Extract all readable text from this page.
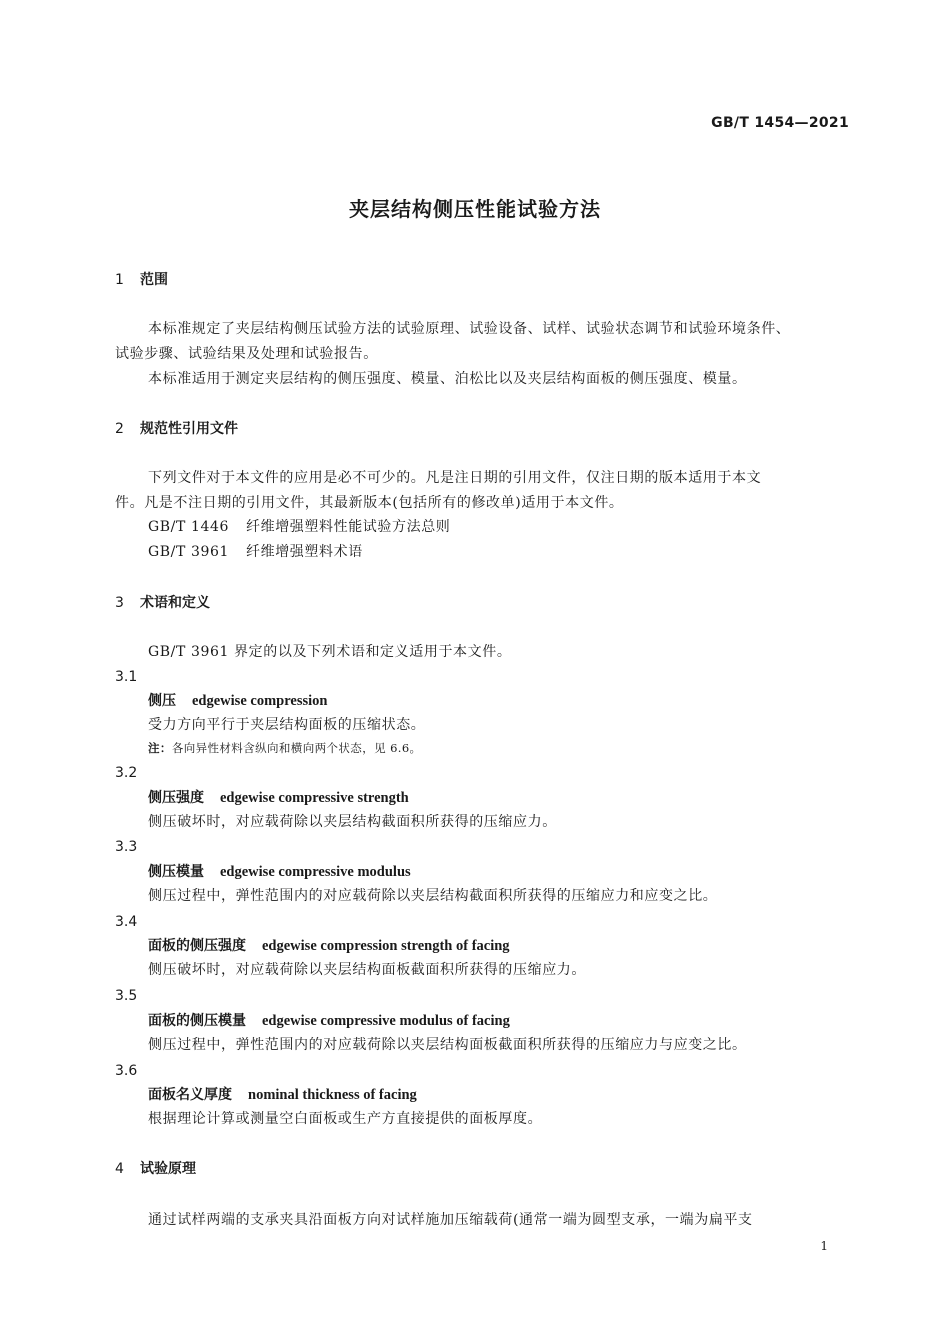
GB/T 1454—2021
夹层结构侧压性能试验方法
1 范围
本标准规定了夹层结构侧压试验方法的试验原理、试验设备、试样、试验状态调节和试验环境条件、
试验步骤、试验结果及处理和试验报告。
本标准适用于测定夹层结构的侧压强度、模量、泊松比以及夹层结构面板的侧压强度、模量。
2 规范性引用文件
下列文件对于本文件的应用是必不可少的。凡是注日期的引用文件，仅注日期的版本适用于本文
件。凡是不注日期的引用文件，其最新版本(包括所有的修改单)适用于本文件。
GB/T 1446 纤维增强塑料性能试验方法总则
GB/T 3961 纤维增强塑料术语
3 术语和定义
GB/T 3961 界定的以及下列术语和定义适用于本文件。
3.1
侧压 edgewise compression
受力方向平行于夹层结构面板的压缩状态。
注：各向异性材料含纵向和横向两个状态，见 6.6。
3.2
侧压强度 edgewise compressive strength
侧压破坏时，对应载荷除以夹层结构截面积所获得的压缩应力。
3.3
侧压模量 edgewise compressive modulus
侧压过程中，弹性范围内的对应载荷除以夹层结构截面积所获得的压缩应力和应变之比。
3.4
面板的侧压强度 edgewise compression strength of facing
侧压破坏时，对应载荷除以夹层结构面板截面积所获得的压缩应力。
3.5
面板的侧压模量 edgewise compressive modulus of facing
侧压过程中，弹性范围内的对应载荷除以夹层结构面板截面积所获得的压缩应力与应变之比。
3.6
面板名义厚度 nominal thickness of facing
根据理论计算或测量空白面板或生产方直接提供的面板厚度。
4 试验原理
通过试样两端的支承夹具沿面板方向对试样施加压缩载荷(通常一端为圆型支承，一端为扁平支
1
